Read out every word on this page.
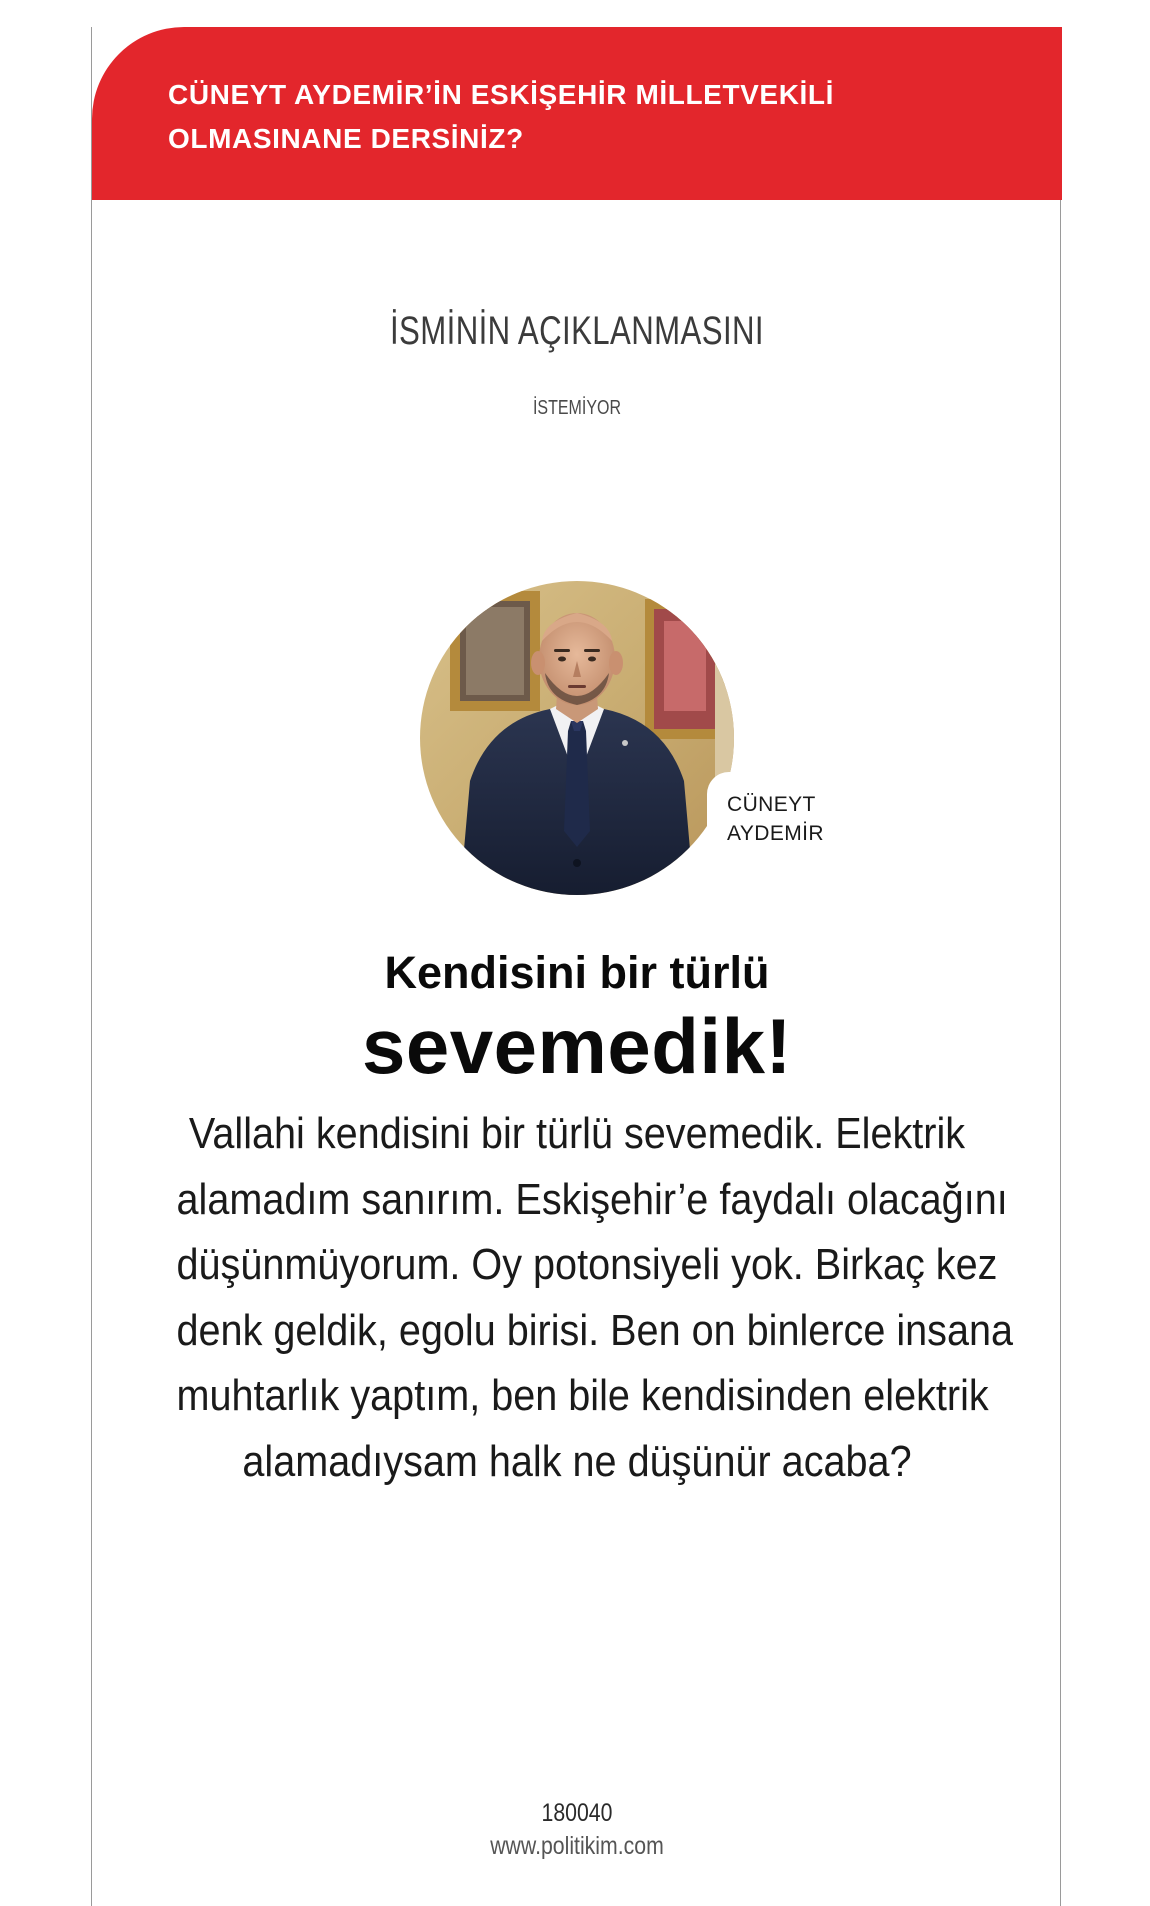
CÜNEYT AYDEMİR’İN ESKİŞEHİR MİLLETVEKİLİ
OLMASINANE DERSİNİZ?
İSMİNİN AÇIKLANMASINI
İSTEMİYOR
CÜNEYT
AYDEMİR
Kendisini bir türlü
sevemedik!

Vallahi kendisini bir türlü sevemedik. Elektrik
alamadım sanırım. Eskişehir’e faydalı olacağını
düşünmüyorum. Oy potonsiyeli yok. Birkaç kez
denk geldik, egolu birisi. Ben on binlerce insana
muhtarlık yaptım, ben bile kendisinden elektrik
alamadıysam halk ne düşünür acaba?

180040
www.politikim.com
